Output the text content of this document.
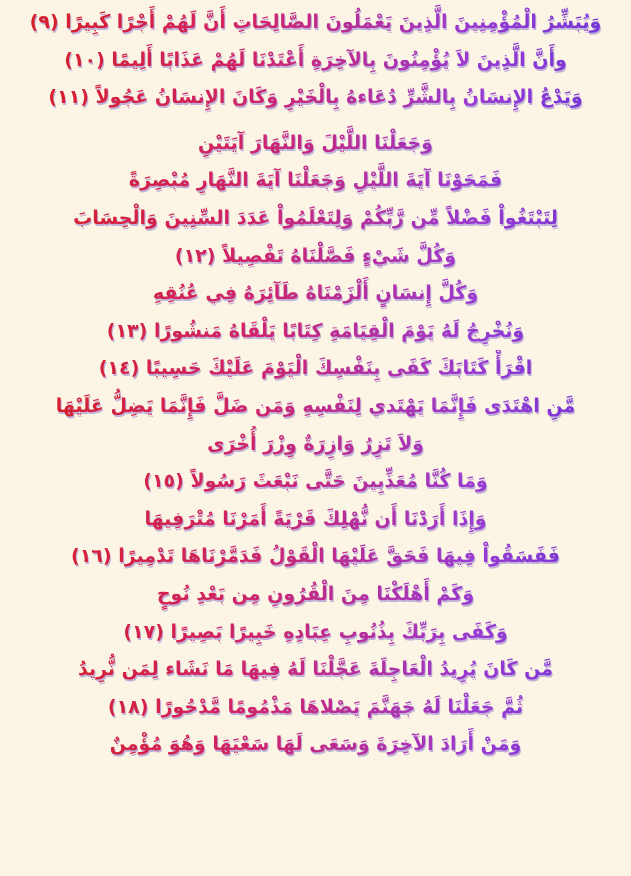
وَيُبَشِّرُ الْمُؤْمِنِينَ الَّذِينَ يَعْمَلُونَ الصَّالِحَاتِ أَنَّ لَهُمْ أَجْرًا كَبِيرًا (٩)
وأَنَّ الَّذِينَ لاَ يُؤْمِنُونَ بِالآخِرَةِ أَعْتَدْنَا لَهُمْ عَذَابًا أَلِيمًا (١٠)
وَيَدْعُ الإِنسَانُ بِالشَّرِّ دُعَاءهُ بِالْخَيْرِ وَكَانَ الإِنسَانُ عَجُولاً (١١)
وَجَعَلْنَا اللَّيْلَ وَالنَّهَارَ آيَتَيْنِ
فَمَحَوْنَا آيَةَ اللَّيْلِ وَجَعَلْنَا آيَةَ النَّهَارِ مُبْصِرَةً
لِتَبْتَغُواْ فَضْلاً مِّن رَّبِّكُمْ وَلِتَعْلَمُواْ عَدَدَ السِّنِينَ وَالْحِسَابَ
وَكُلَّ شَيْءٍ فَصَّلْنَاهُ تَفْصِيلاً (١٢)
وَكُلَّ إِنسَانٍ أَلْزَمْنَاهُ طَآئِرَهُ فِي عُنُقِهِ
وَنُخْرِجُ لَهُ يَوْمَ الْقِيَامَةِ كِتَابًا يَلْقَاهُ مَنشُورًا (١٣)
اقْرَأْ كَتَابَكَ كَفَى بِنَفْسِكَ الْيَوْمَ عَلَيْكَ حَسِيبًا (١٤)
مَّنِ اهْتَدَى فَإِنَّمَا يَهْتَدي لِنَفْسِهِ وَمَن ضَلَّ فَإِنَّمَا يَضِلُّ عَلَيْهَا
وَلاَ تَزِرُ وَازِرَةٌ وِزْرَ أُخْرَى
وَمَا كُنَّا مُعَذِّبِينَ حَتَّى نَبْعَثَ رَسُولاً (١٥)
وَإِذَا أَرَدْنَا أَن نُّهْلِكَ قَرْيَةً أَمَرْنَا مُتْرَفِيهَا
فَفَسَقُواْ فِيهَا فَحَقَّ عَلَيْهَا الْقَوْلُ فَدَمَّرْنَاهَا تَدْمِيرًا (١٦)
وَكَمْ أَهْلَكْنَا مِنَ الْقُرُونِ مِن بَعْدِ نُوحٍ
وَكَفَى بِرَبِّكَ بِذُنُوبِ عِبَادِهِ خَبِيرًَا بَصِيرًا (١٧)
مَّن كَانَ يُرِيدُ الْعَاجِلَةَ عَجَّلْنَا لَهُ فِيهَا مَا نَشَاء لِمَن نُّرِيدُ
ثُمَّ جَعَلْنَا لَهُ جَهَنَّمَ يَصْلاهَا مَذْمُومًا مَّدْحُورًا (١٨)
وَمَنْ أَرَادَ الآخِرَةَ وَسَعَى لَهَا سَعْيَهَا وَهُوَ مُؤْمِنٌ
